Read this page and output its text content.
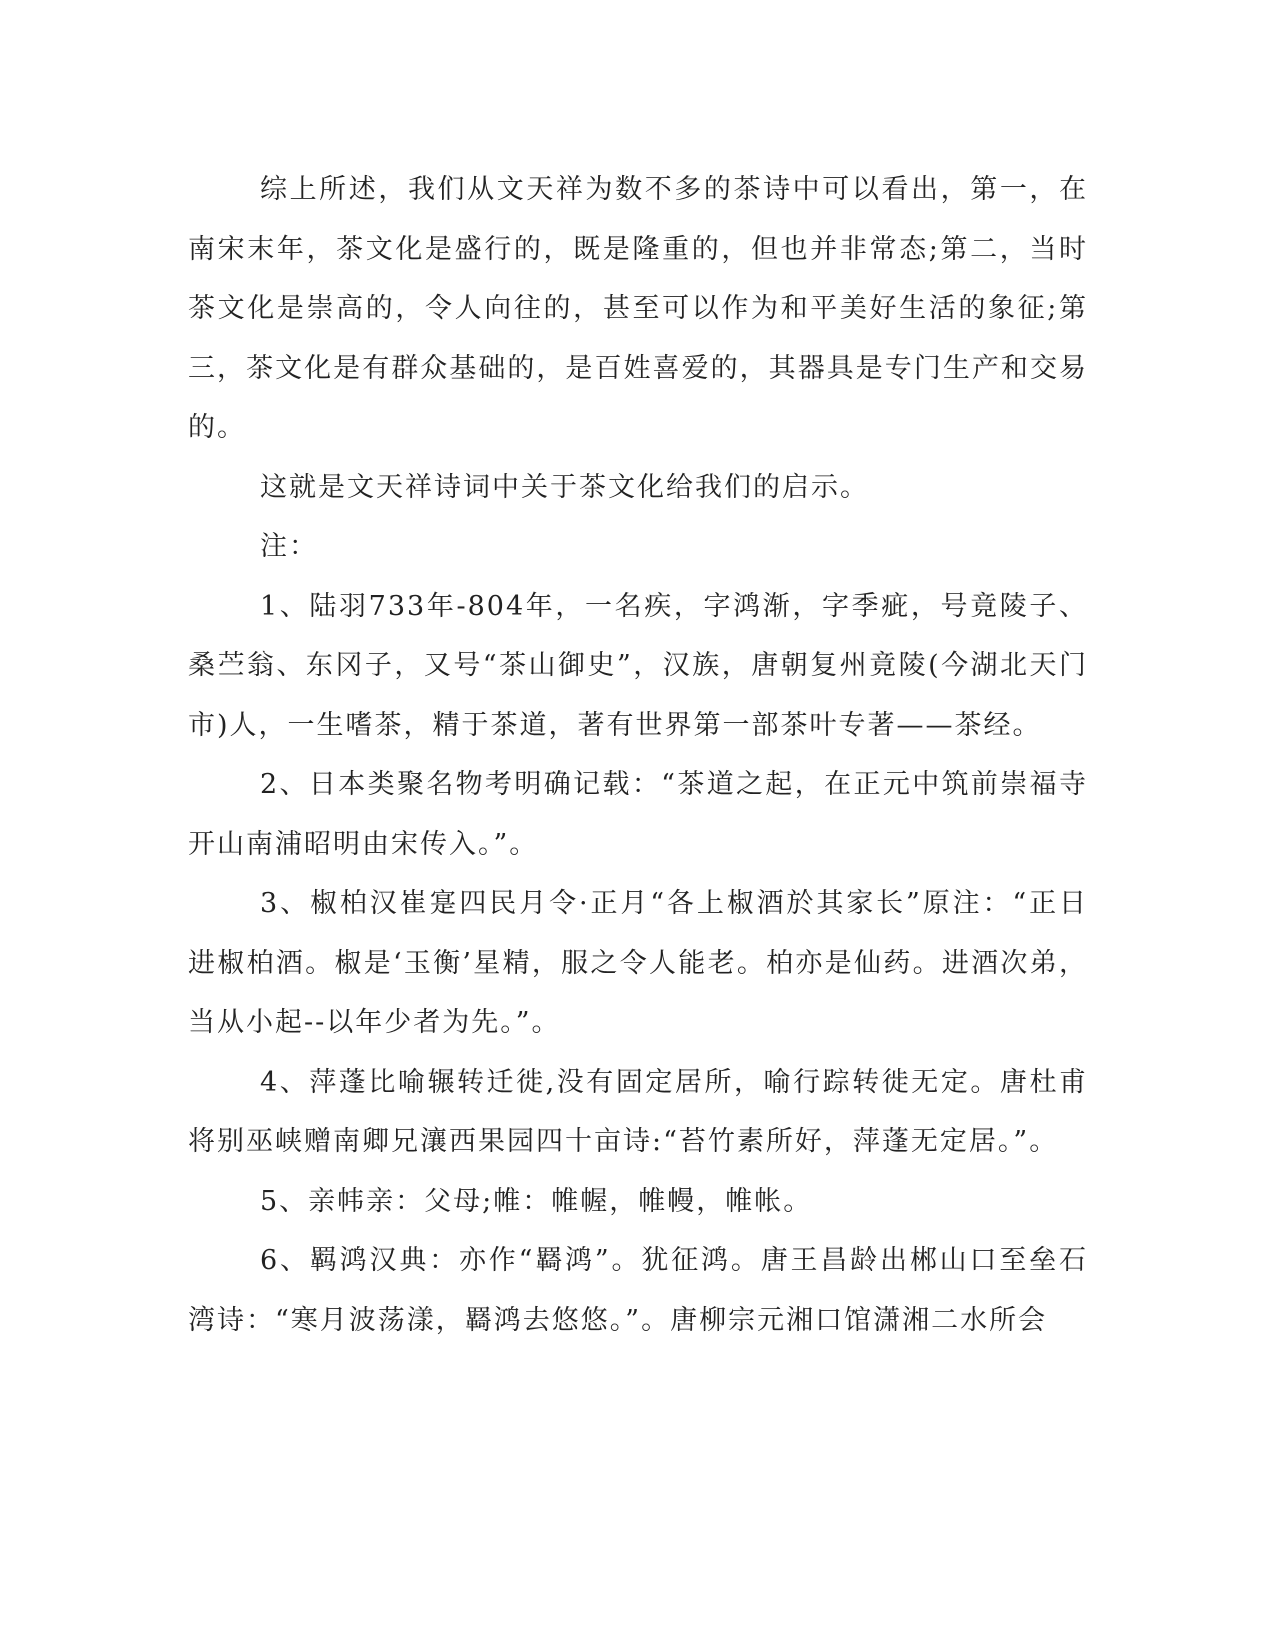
综上所述，我们从文天祥为数不多的茶诗中可以看出，第一，在南宋末年，茶文化是盛行的，既是隆重的，但也并非常态;第二，当时茶文化是崇高的，令人向往的，甚至可以作为和平美好生活的象征;第三，茶文化是有群众基础的，是百姓喜爱的，其器具是专门生产和交易的。

这就是文天祥诗词中关于茶文化给我们的启示。

注：

1、陆羽733年-804年，一名疾，字鸿渐，字季疵，号竟陵子、桑苎翁、东冈子，又号“茶山御史”，汉族，唐朝复州竟陵(今湖北天门市)人，一生嗜茶，精于茶道，著有世界第一部茶叶专著——茶经。

2、日本类聚名物考明确记载：“茶道之起，在正元中筑前崇福寺开山南浦昭明由宋传入。”。

3、椒柏汉崔寔四民月令·正月“各上椒酒於其家长”原注：“正日进椒柏酒。椒是‘玉衡’星精，服之令人能老。柏亦是仙药。进酒次弟，当从小起--以年少者为先。”。

4、萍蓬比喻辗转迁徙,没有固定居所，喻行踪转徙无定。唐杜甫将别巫峡赠南卿兄瀼西果园四十亩诗:“苔竹素所好，萍蓬无定居。”。

5、亲帏亲：父母;帷：帷幄，帷幔，帷帐。

6、羁鸿汉典：亦作“羇鸿”。犹征鸿。唐王昌龄出郴山口至垒石湾诗：“寒月波荡漾，羇鸿去悠悠。”。唐柳宗元湘口馆潇湘二水所会
